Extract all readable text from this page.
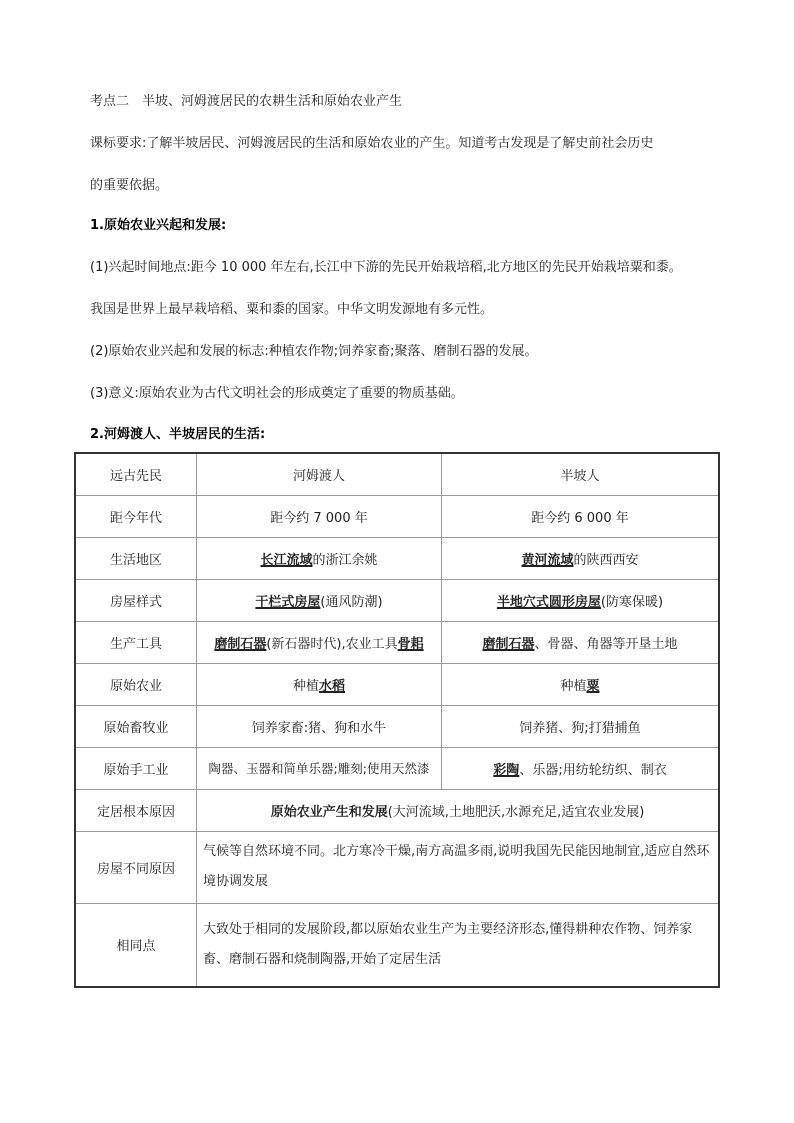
考点二　半坡、河姆渡居民的农耕生活和原始农业产生
课标要求:了解半坡居民、河姆渡居民的生活和原始农业的产生。知道考古发现是了解史前社会历史
的重要依据。
1.原始农业兴起和发展:
(1)兴起时间地点:距今 10 000 年左右,长江中下游的先民开始栽培稻,北方地区的先民开始栽培粟和黍。
我国是世界上最早栽培稻、粟和黍的国家。中华文明发源地有多元性。
(2)原始农业兴起和发展的标志:种植农作物;饲养家畜;聚落、磨制石器的发展。
(3)意义:原始农业为古代文明社会的形成奠定了重要的物质基础。
2.河姆渡人、半坡居民的生活:
远古先民	河姆渡人	半坡人
距今年代	距今约 7 000 年	距今约 6 000 年
生活地区	长江流域的浙江余姚	黄河流域的陕西西安
房屋样式	干栏式房屋(通风防潮)	半地穴式圆形房屋(防寒保暖)
生产工具	磨制石器(新石器时代),农业工具骨耜	磨制石器、骨器、角器等开垦土地
原始农业	种植水稻	种植粟
原始畜牧业	饲养家畜:猪、狗和水牛	饲养猪、狗;打猎捕鱼
原始手工业	陶器、玉器和简单乐器;雕刻;使用天然漆	彩陶、乐器;用纺轮纺织、制衣
定居根本原因	原始农业产生和发展(大河流域,土地肥沃,水源充足,适宜农业发展)	
房屋不同原因	气候等自然环境不同。北方寒冷干燥,南方高温多雨,说明我国先民能因地制宜,适应自然环境协调发展	
相同点	大致处于相同的发展阶段,都以原始农业生产为主要经济形态,懂得耕种农作物、饲养家畜、磨制石器和烧制陶器,开始了定居生活	
